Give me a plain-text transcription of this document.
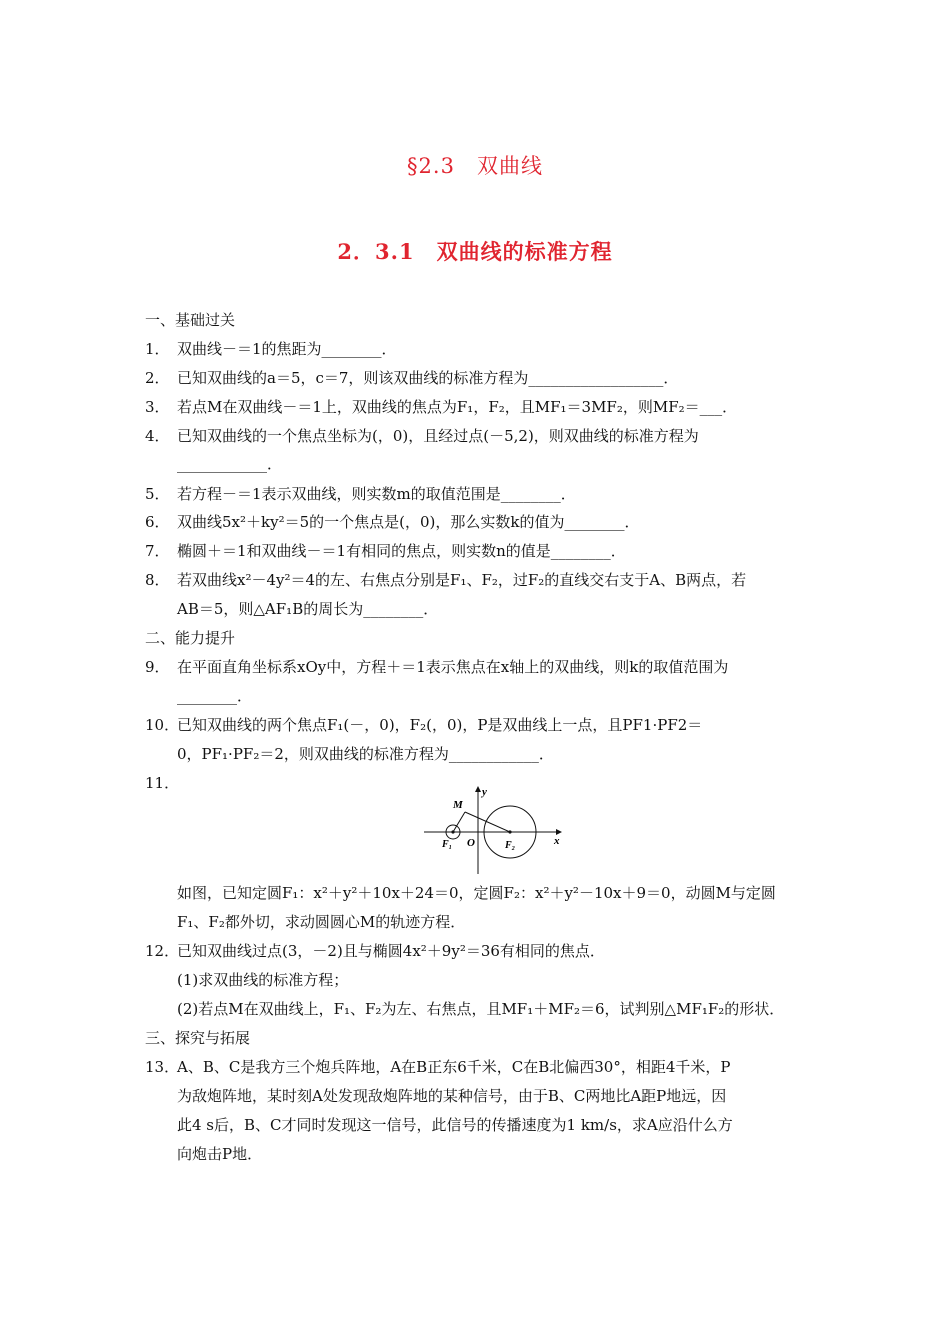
§2.3　双曲线
2．3.1　双曲线的标准方程
一、基础过关
1． 双曲线－＝1的焦距为________．
2． 已知双曲线的a＝5，c＝7，则该双曲线的标准方程为__________________．
3． 若点M在双曲线－＝1上，双曲线的焦点为F₁，F₂，且MF₁＝3MF₂，则MF₂＝___．
4． 已知双曲线的一个焦点坐标为(，0)，且经过点(－5,2)，则双曲线的标准方程为
____________．
5． 若方程－＝1表示双曲线，则实数m的取值范围是________．
6． 双曲线5x²＋ky²＝5的一个焦点是(，0)，那么实数k的值为________．
7． 椭圆＋＝1和双曲线－＝1有相同的焦点，则实数n的值是________．
8． 若双曲线x²－4y²＝4的左、右焦点分别是F₁、F₂，过F₂的直线交右支于A、B两点，若
AB＝5，则△AF₁B的周长为________．
二、能力提升
9． 在平面直角坐标系xOy中，方程＋＝1表示焦点在x轴上的双曲线，则k的取值范围为
________．
10．
已知双曲线的两个焦点F₁(－，0)，F₂(，0)，P是双曲线上一点，且PF1·PF2＝
0，PF₁·PF₂＝2，则双曲线的标准方程为____________．
11．	y
x
M
F₁ O	F₂
如图，已知定圆F₁：x²＋y²＋10x＋24＝0，定圆F₂：x²＋y²－10x＋9＝0，动圆M与定圆
F₁、F₂都外切，求动圆圆心M的轨迹方程．
12．
已知双曲线过点(3，－2)且与椭圆4x²＋9y²＝36有相同的焦点．
(1)求双曲线的标准方程；
(2)若点M在双曲线上，F₁、F₂为左、右焦点，且MF₁＋MF₂＝6，试判别△MF₁F₂的形状．
三、探究与拓展
13．
A、B、C是我方三个炮兵阵地，A在B正东6千米，C在B北偏西30°，相距4千米，P
为敌炮阵地，某时刻A处发现敌炮阵地的某种信号，由于B、C两地比A距P地远，因
此4 s后，B、C才同时发现这一信号，此信号的传播速度为1 km/s，求A应沿什么方
向炮击P地．
